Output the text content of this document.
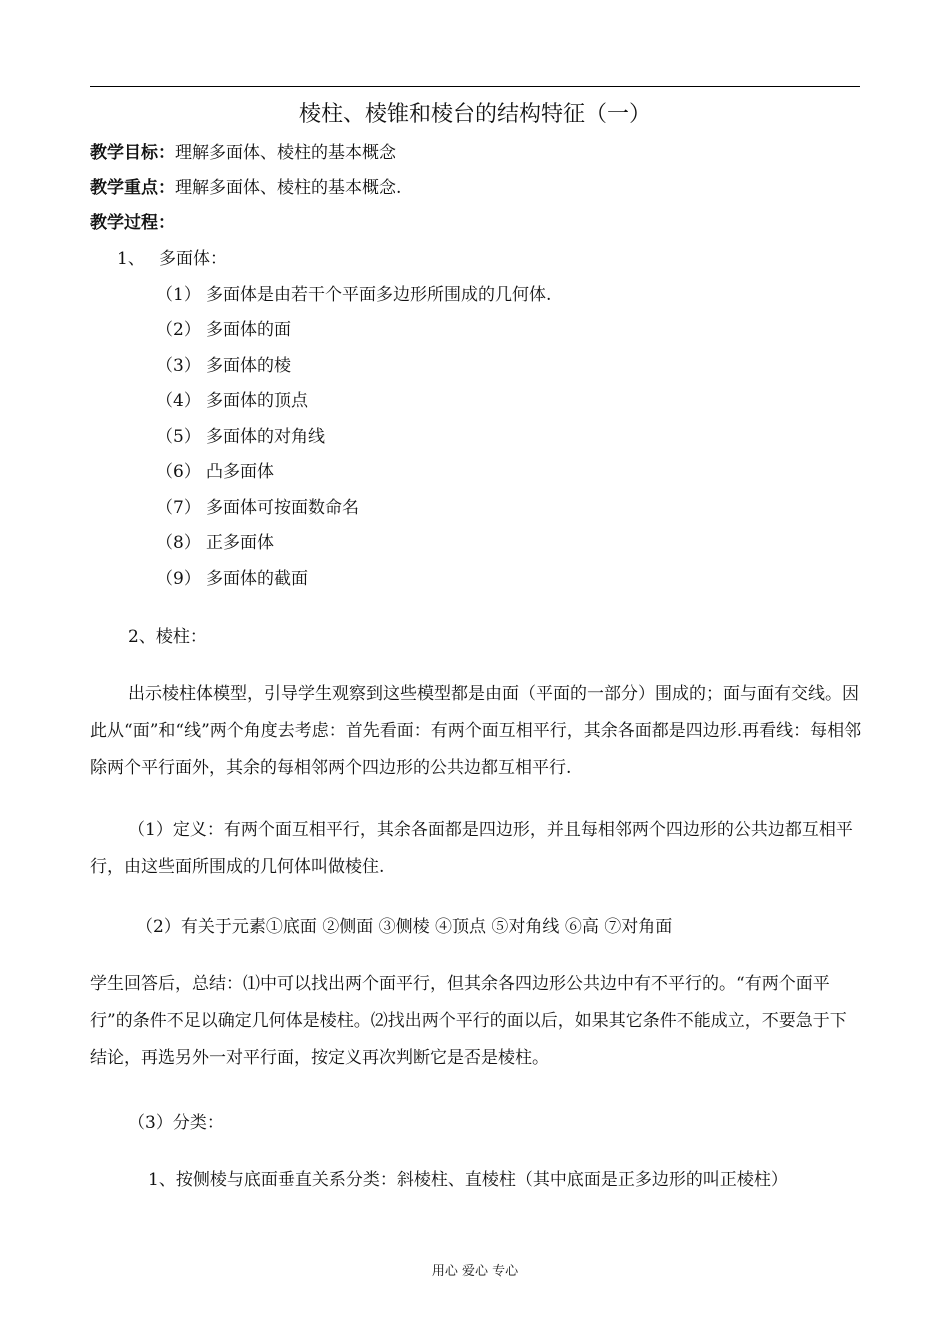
棱柱、棱锥和棱台的结构特征（一）
教学目标：理解多面体、棱柱的基本概念
教学重点：理解多面体、棱柱的基本概念.
教学过程：
1、 多面体：
（1） 多面体是由若干个平面多边形所围成的几何体.
（2） 多面体的面
（3） 多面体的棱
（4） 多面体的顶点
（5） 多面体的对角线
（6） 凸多面体
（7） 多面体可按面数命名
（8） 正多面体
（9） 多面体的截面
2、棱柱：
出示棱柱体模型，引导学生观察到这些模型都是由面（平面的一部分）围成的；面与面有交线。因此从“面”和“线”两个角度去考虑：首先看面：有两个面互相平行，其余各面都是四边形.再看线：每相邻除两个平行面外，其余的每相邻两个四边形的公共边都互相平行.
（1）定义：有两个面互相平行，其余各面都是四边形，并且每相邻两个四边形的公共边都互相平行，由这些面所围成的几何体叫做棱住.
（2）有关于元素①底面 ②侧面 ③侧棱 ④顶点 ⑤对角线 ⑥高 ⑦对角面
学生回答后，总结：⑴中可以找出两个面平行，但其余各四边形公共边中有不平行的。“有两个面平行”的条件不足以确定几何体是棱柱。⑵找出两个平行的面以后，如果其它条件不能成立，不要急于下结论，再选另外一对平行面，按定义再次判断它是否是棱柱。
（3）分类：
1、按侧棱与底面垂直关系分类：斜棱柱、直棱柱（其中底面是正多边形的叫正棱柱）
用心 爱心 专心
